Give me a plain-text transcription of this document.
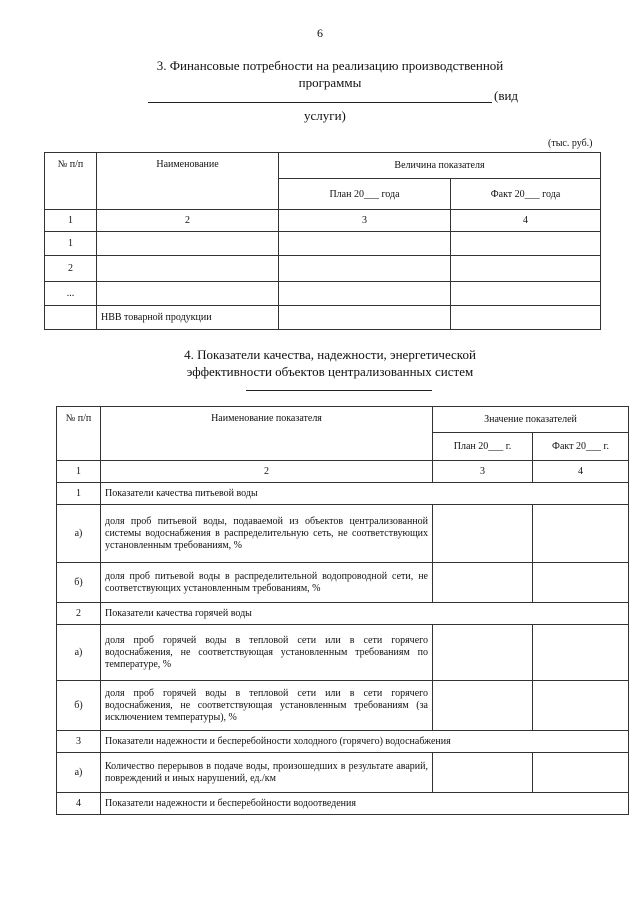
6
3. Финансовые потребности на реализацию производственной
программы
(вид
услуги)
(тыс. руб.)
№ п/п	Наименование	Величина показателя	
		План 20___ года	Факт 20___ года
1	2	3	4
1			
2			
...			
	НВВ товарной продукции		
4. Показатели качества, надежности, энергетической
эффективности объектов централизованных систем
№ п/п	Наименование показателя	Значение показателей	
		План 20___ г.	Факт 20___ г.
1	2	3	4
1	Показатели качества питьевой воды		
а)	доля проб питьевой воды, подаваемой из объектов централизованной системы водоснабжения в распределительную сеть, не соответствующих установленным требованиям, %		
б)	доля проб питьевой воды в распределительной водопроводной сети, не соответствующих установленным требованиям, %		
2	Показатели качества горячей воды		
а)	доля проб горячей воды в тепловой сети или в сети горячего водоснабжения, не соответствующая установленным требованиям по температуре, %		
б)	доля проб горячей воды в тепловой сети или в сети горячего водоснабжения, не соответствующая установленным требованиям (за исключением температуры), %		
3	Показатели надежности и бесперебойности холодного (горячего) водоснабжения		
а)	Количество перерывов в подаче воды, произошедших в результате аварий, повреждений и иных нарушений, ед./км		
4	Показатели надежности и бесперебойности водоотведения		
